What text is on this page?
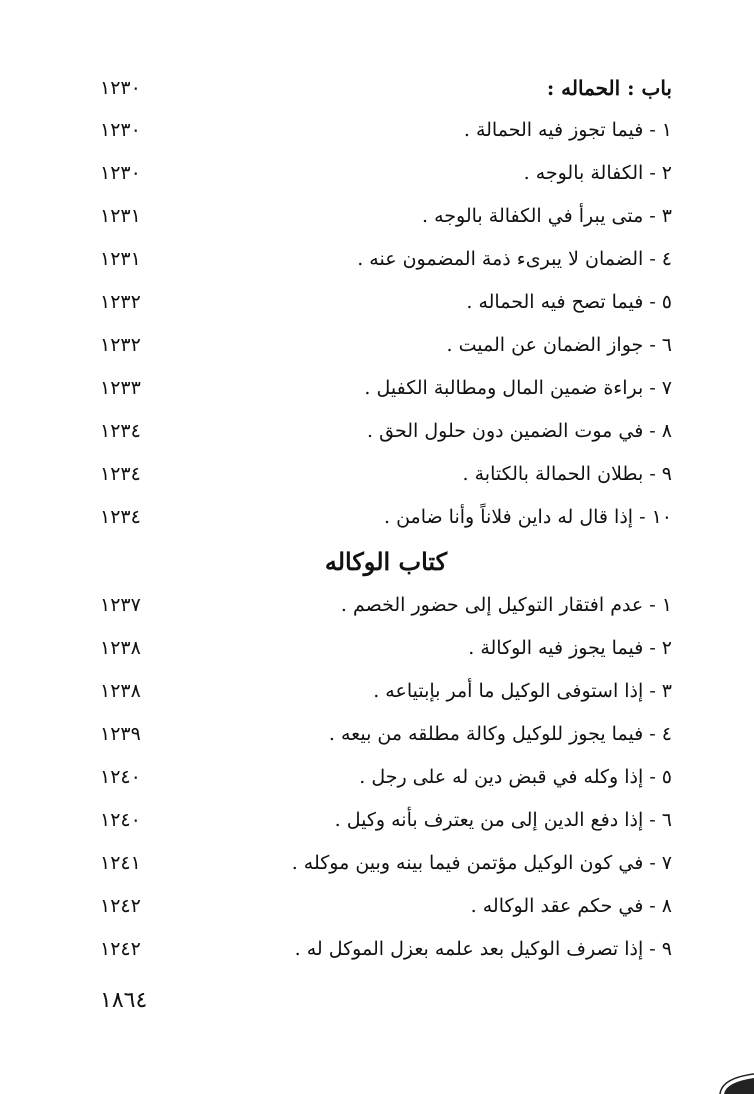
باب : الحماله :
١٢٣٠
١ - فيما تجوز فيه الحمالة .
١٢٣٠
٢ - الكفالة بالوجه .
١٢٣٠
٣ - متى يبرأ في الكفالة بالوجه .
١٢٣١
٤ - الضمان لا يبرىء ذمة المضمون عنه .
١٢٣١
٥ - فيما تصح فيه الحماله .
١٢٣٢
٦ - جواز الضمان عن الميت .
١٢٣٢
٧ - براءة ضمين المال ومطالبة الكفيل .
١٢٣٣
٨ - في موت الضمين دون حلول الحق .
١٢٣٤
٩ - بطلان الحمالة بالكتابة .
١٢٣٤
١٠ - إذا قال له داين فلاناً وأنا ضامن .
١٢٣٤
كتاب الوكاله
١ - عدم افتقار التوكيل إلى حضور الخصم .
١٢٣٧
٢ - فيما يجوز فيه الوكالة .
١٢٣٨
٣ - إذا استوفى الوكيل ما أمر بإبتياعه .
١٢٣٨
٤ - فيما يجوز للوكيل وكالة مطلقه من بيعه .
١٢٣٩
٥ - إذا وكله في قبض دين له على رجل .
١٢٤٠
٦ - إذا دفع الدين إلى من يعترف بأنه وكيل .
١٢٤٠
٧ - في كون الوكيل مؤتمن فيما بينه وبين موكله .
١٢٤١
٨ - في حكم عقد الوكاله .
١٢٤٢
٩ - إذا تصرف الوكيل بعد علمه بعزل الموكل له .
١٢٤٢
١٨٦٤
